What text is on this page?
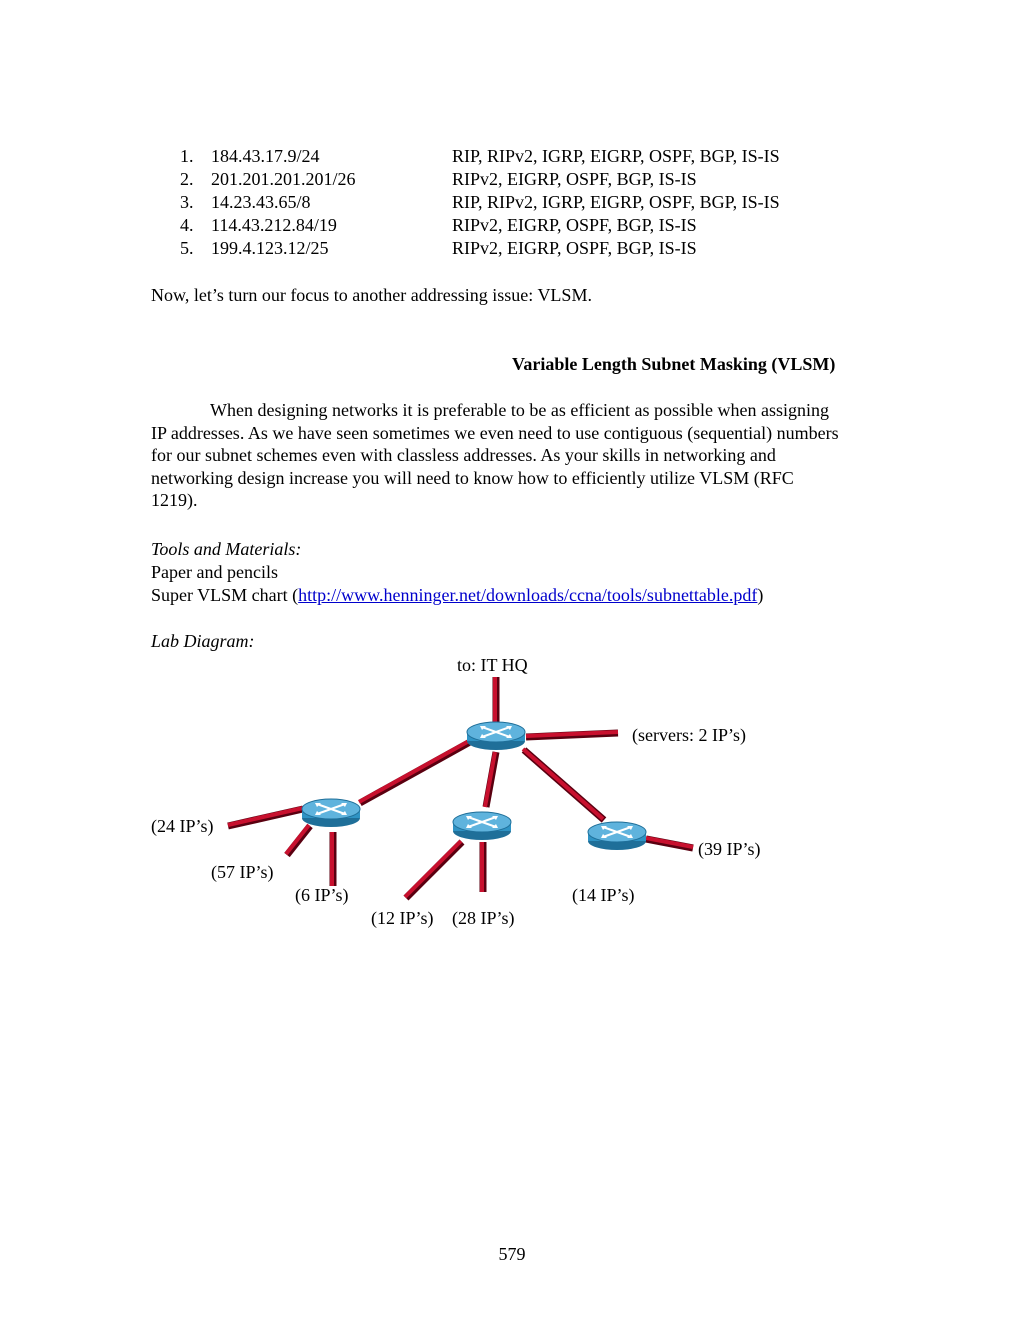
1. 184.43.17.9/24	RIP, RIPv2, IGRP, EIGRP, OSPF, BGP, IS-IS
2. 201.201.201.201/26	RIPv2, EIGRP, OSPF, BGP, IS-IS
3. 14.23.43.65/8	RIP, RIPv2, IGRP, EIGRP, OSPF, BGP, IS-IS
4. 114.43.212.84/19	RIPv2, EIGRP, OSPF, BGP, IS-IS
5. 199.4.123.12/25	RIPv2, EIGRP, OSPF, BGP, IS-IS
Now, let’s turn our focus to another addressing issue: VLSM.
Variable Length Subnet Masking (VLSM)

When designing networks it is preferable to be as efficient as possible when assigning IP addresses. As we have seen sometimes we even need to use contiguous (sequential) numbers for our subnet schemes even with classless addresses. As your skills in networking and networking design increase you will need to know how to efficiently utilize VLSM (RFC 1219).

Tools and Materials:
Paper and pencils
Super VLSM chart (http://www.henninger.net/downloads/ccna/tools/subnettable.pdf)
Lab Diagram:
to: IT HQ
(servers: 2 IP’s)
(24 IP’s)
(57 IP’s)
(6 IP’s)
(12 IP’s) (28 IP’s)
(14 IP’s)
(39 IP’s)
579
